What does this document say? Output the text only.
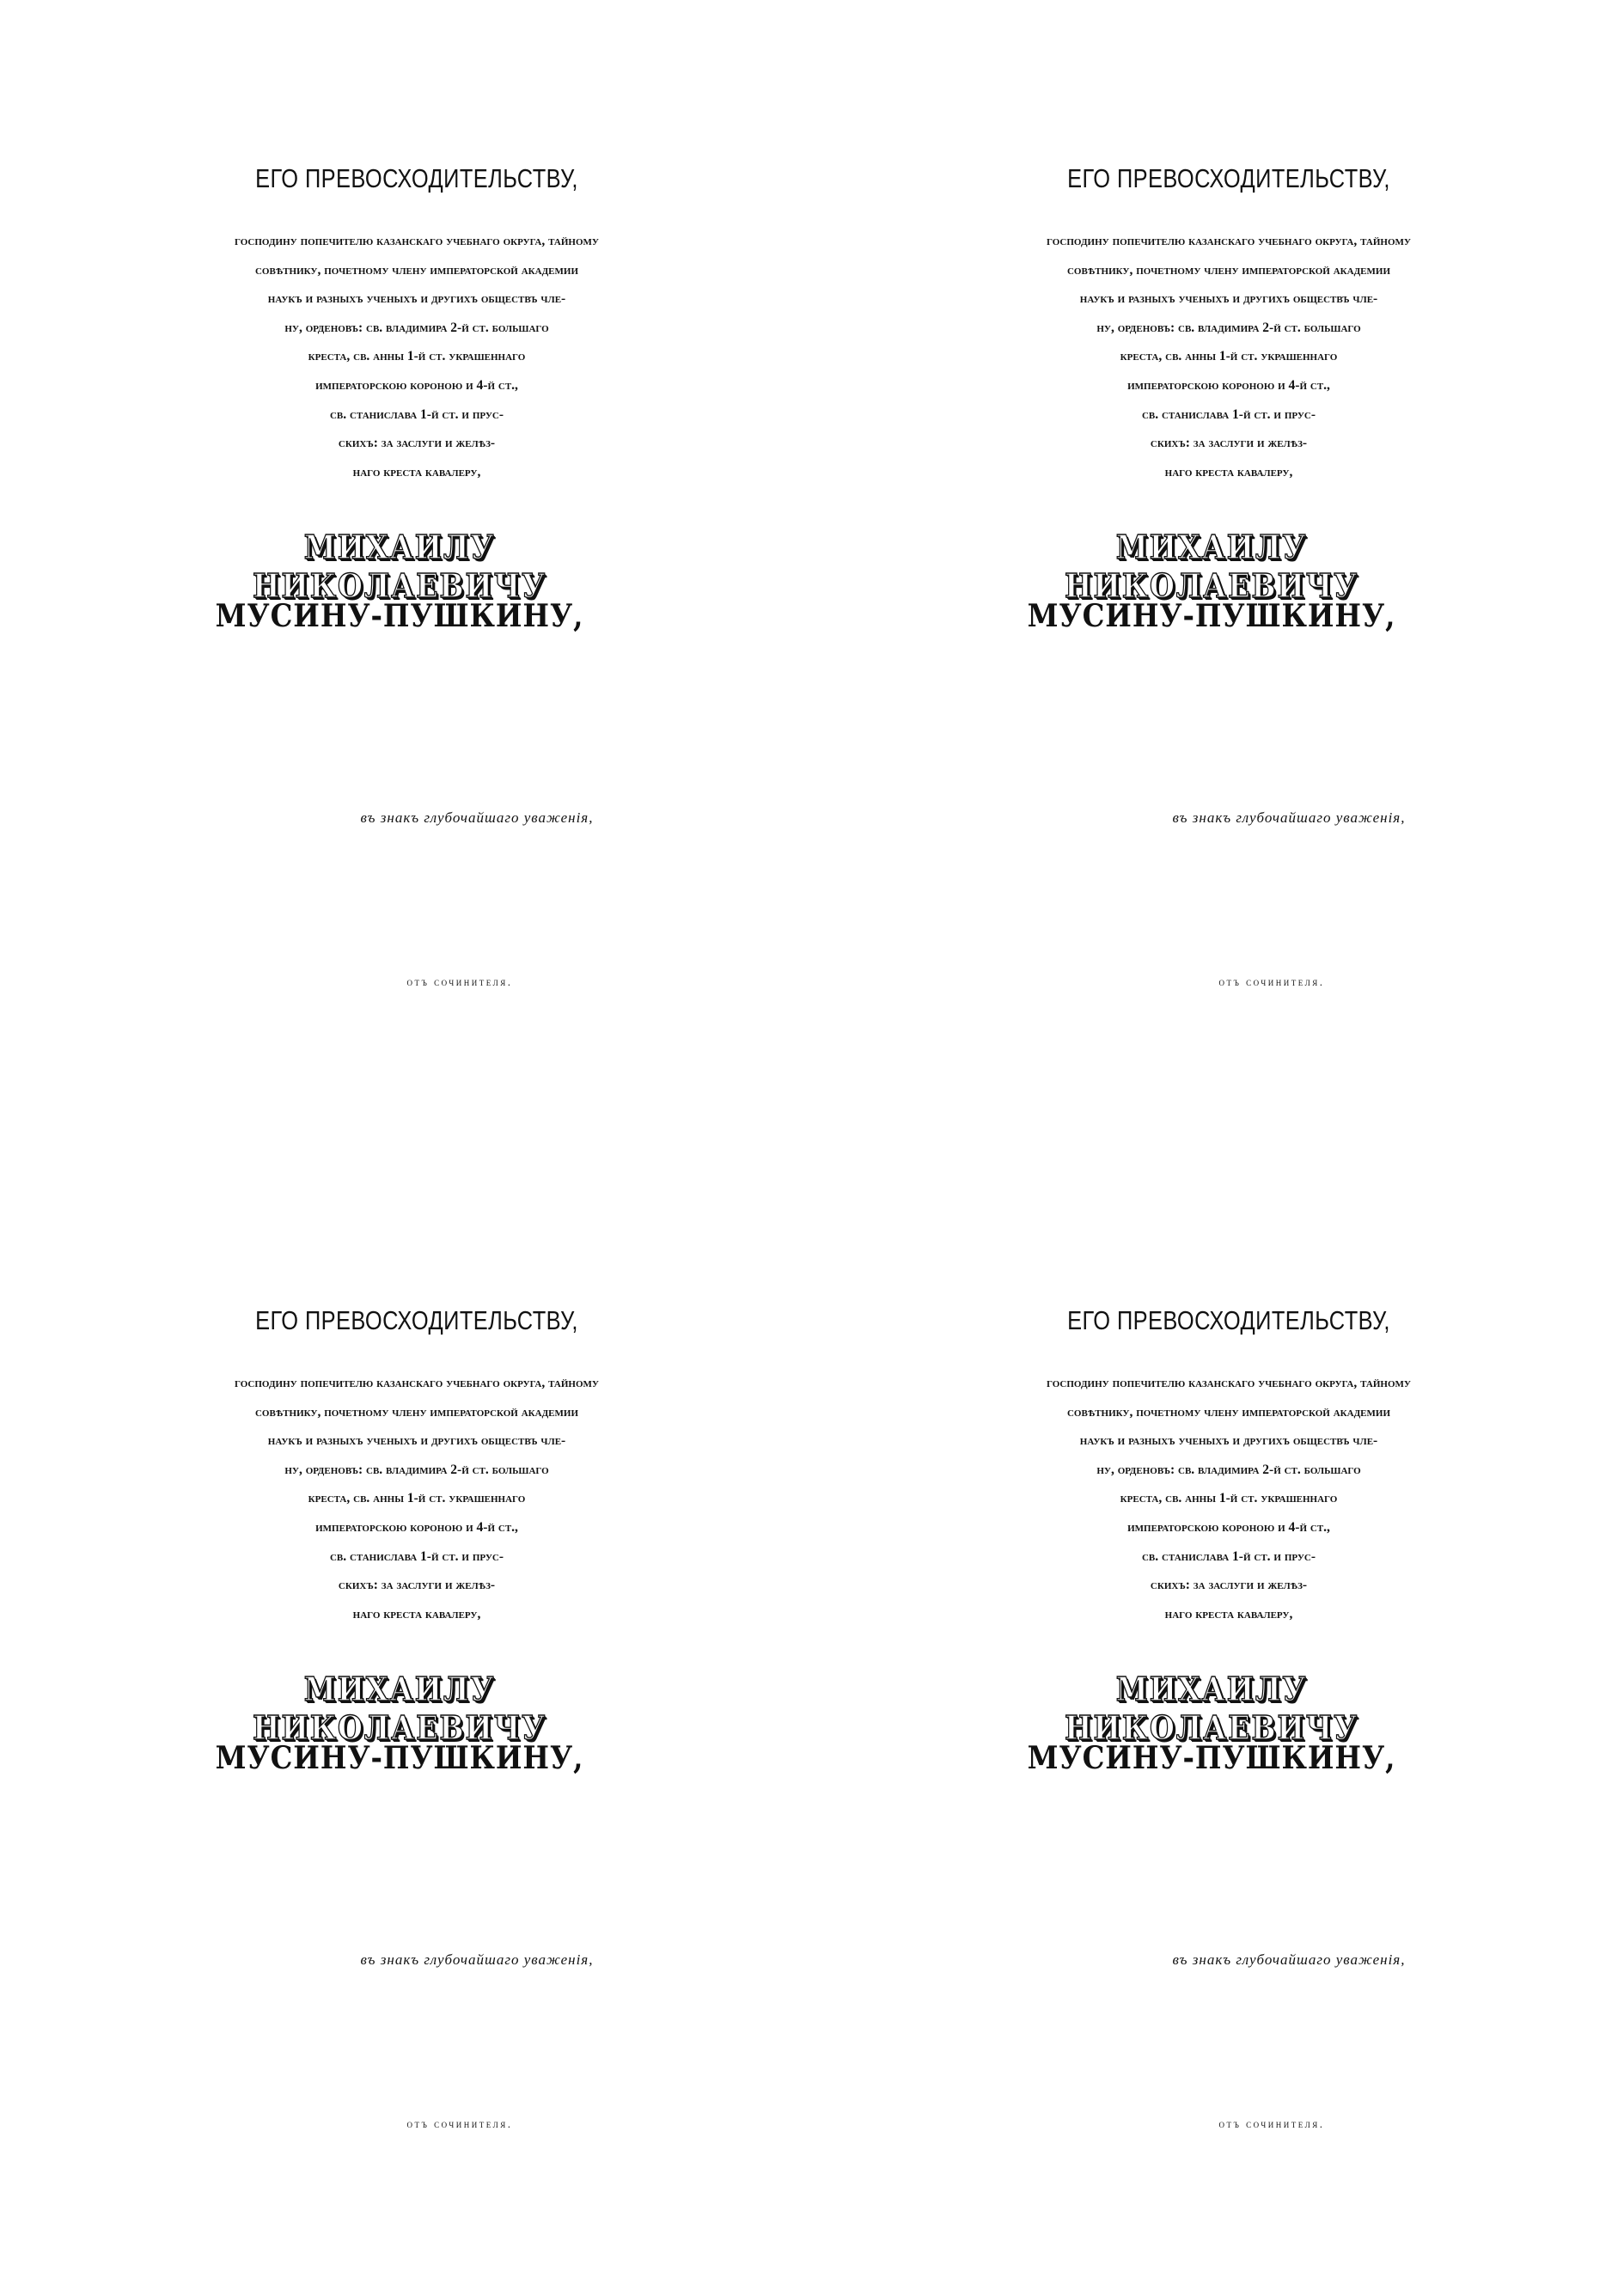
ЕГО ПРЕВОСХОДИТЕЛЬСТВУ,
господину попечителю казанскаго учебнаго округа, тайному
совѣтнику, почетному члену императорской академии
наукъ и разныхъ ученыхъ и другихъ обществъ чле-
ну, орденовъ: св. владимира 2-й ст. большаго
креста, св. анны 1-й ст. украшеннаго
императорскою короною и 4-й ст.,
св. станислава 1-й ст. и прус-
скихъ: за заслуги и желѣз-
наго креста кавалеру,
МИХАИЛУ НИКОЛАЕВИЧУ
МУСИНУ-ПУШКИНУ,
въ знакъ глубочайшаго уваженія,
отъ сочинителя.
ЕГО ПРЕВОСХОДИТЕЛЬСТВУ,
господину попечителю казанскаго учебнаго округа, тайному
совѣтнику, почетному члену императорской академии
наукъ и разныхъ ученыхъ и другихъ обществъ чле-
ну, орденовъ: св. владимира 2-й ст. большаго
креста, св. анны 1-й ст. украшеннаго
императорскою короною и 4-й ст.,
св. станислава 1-й ст. и прус-
скихъ: за заслуги и желѣз-
наго креста кавалеру,
МИХАИЛУ НИКОЛАЕВИЧУ
МУСИНУ-ПУШКИНУ,
въ знакъ глубочайшаго уваженія,
отъ сочинителя.
ЕГО ПРЕВОСХОДИТЕЛЬСТВУ,
господину попечителю казанскаго учебнаго округа, тайному
совѣтнику, почетному члену императорской академии
наукъ и разныхъ ученыхъ и другихъ обществъ чле-
ну, орденовъ: св. владимира 2-й ст. большаго
креста, св. анны 1-й ст. украшеннаго
императорскою короною и 4-й ст.,
св. станислава 1-й ст. и прус-
скихъ: за заслуги и желѣз-
наго креста кавалеру,
МИХАИЛУ НИКОЛАЕВИЧУ
МУСИНУ-ПУШКИНУ,
въ знакъ глубочайшаго уваженія,
отъ сочинителя.
ЕГО ПРЕВОСХОДИТЕЛЬСТВУ,
господину попечителю казанскаго учебнаго округа, тайному
совѣтнику, почетному члену императорской академии
наукъ и разныхъ ученыхъ и другихъ обществъ чле-
ну, орденовъ: св. владимира 2-й ст. большаго
креста, св. анны 1-й ст. украшеннаго
императорскою короною и 4-й ст.,
св. станислава 1-й ст. и прус-
скихъ: за заслуги и желѣз-
наго креста кавалеру,
МИХАИЛУ НИКОЛАЕВИЧУ
МУСИНУ-ПУШКИНУ,
въ знакъ глубочайшаго уваженія,
отъ сочинителя.
